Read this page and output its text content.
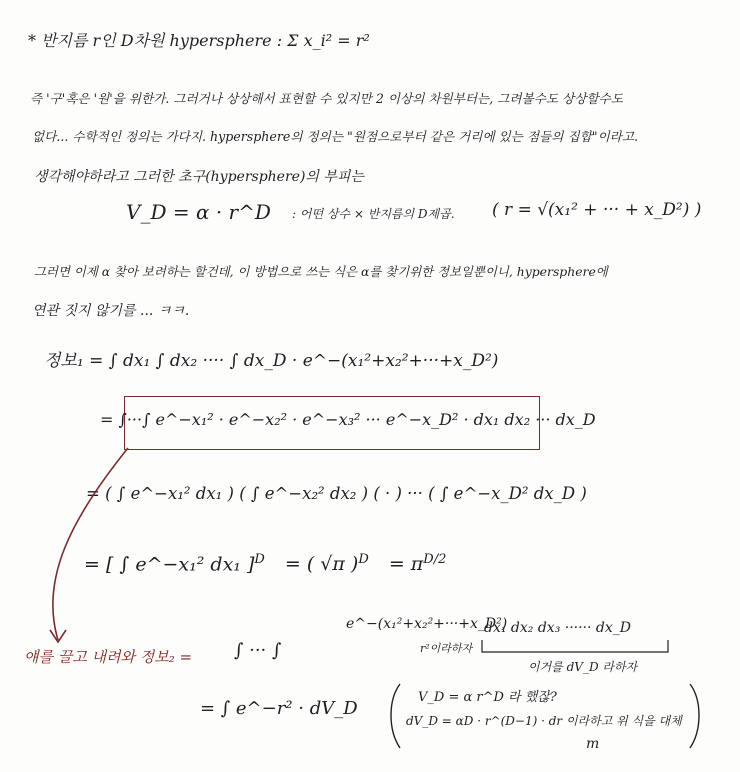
* 반지름 r인 D차원 hypersphere : Σ x_i² = r²
즉 '구'혹은 '원'을 위한가. 그러거나 상상해서 표현할 수 있지만 2 이상의 차원부터는, 그려볼수도 상상할수도
없다... 수학적인 정의는 가다지. hypersphere의 정의는 "원점으로부터 같은 거리에 있는 점들의 집합"이라고.
생각해야하라고 그러한 초구(hypersphere)의 부피는
V_D = α · r^D : 어떤 상수 × 반지름의 D제곱. ( r = √(x₁² + ··· + x_D²) )
그러면 이제 α 찾아 보려하는 할건데, 이 방법으로 쓰는 식은 α를 찾기위한 정보일뿐이니, hypersphere에
연관 짓지 않기를 ... ㅋㅋ.
정보₁ = ∫ dx₁ ∫ dx₂ ···· ∫ dx_D · e^−(x₁²+x₂²+···+x_D²)
= ∫···∫ e^−x₁² · e^−x₂² · e^−x₃² ··· e^−x_D² · dx₁ dx₂ ··· dx_D
= ( ∫ e^−x₁² dx₁ ) ( ∫ e^−x₂² dx₂ ) ( · ) ··· ( ∫ e^−x_D² dx_D )
= [ ∫ e^−x₁² dx₁ ]$^D$ = ( √π )$^D = \pi^{D/2}$
얘를 끌고 내려와 정보₂ = ∫ ··· ∫
e^−(x₁²+x₂²+···+x_D²)
r²이라하자
dx₁ dx₂ dx₃ ······ dx_D
이거를 dV_D 라하자
= ∫ e^−r² · dV_D
V_D = α r^D 라 했잖?
dV_D = αD · r^(D−1) · dr 이라하고 위 식을 대체
m
